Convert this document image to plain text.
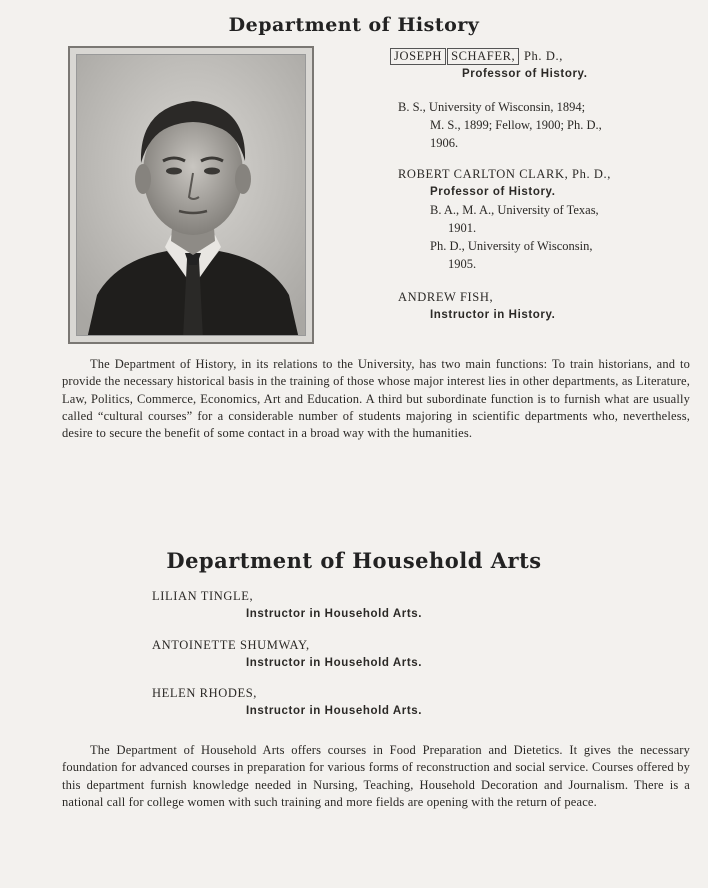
Department of History
JOSEPH SCHAFER, Ph. D.,
Professor of History.
B. S., University of Wisconsin, 1894;
M. S., 1899; Fellow, 1900; Ph. D.,
1906.
ROBERT CARLTON CLARK, Ph. D.,
Professor of History.
B. A., M. A., University of Texas,
1901.
Ph. D., University of Wisconsin,
1905.
ANDREW FISH,
Instructor in History.

The Department of History, in its relations to the University, has two main functions: To train historians, and to provide the necessary historical basis in the training of those whose major interest lies in other departments, as Literature, Law, Politics, Commerce, Economics, Art and Education. A third but subordinate function is to furnish what are usually called “cultural courses” for a considerable number of students majoring in scientific departments who, nevertheless, desire to secure the benefit of some contact in a broad way with the humanities.

Department of Household Arts
LILIAN TINGLE,
Instructor in Household Arts.
ANTOINETTE SHUMWAY,
Instructor in Household Arts.
HELEN RHODES,
Instructor in Household Arts.

The Department of Household Arts offers courses in Food Preparation and Dietetics. It gives the necessary foundation for advanced courses in preparation for various forms of reconstruction and social service. Courses offered by this department furnish knowledge needed in Nursing, Teaching, Household Decoration and Journalism. There is a national call for college women with such training and more fields are opening with the return of peace.
